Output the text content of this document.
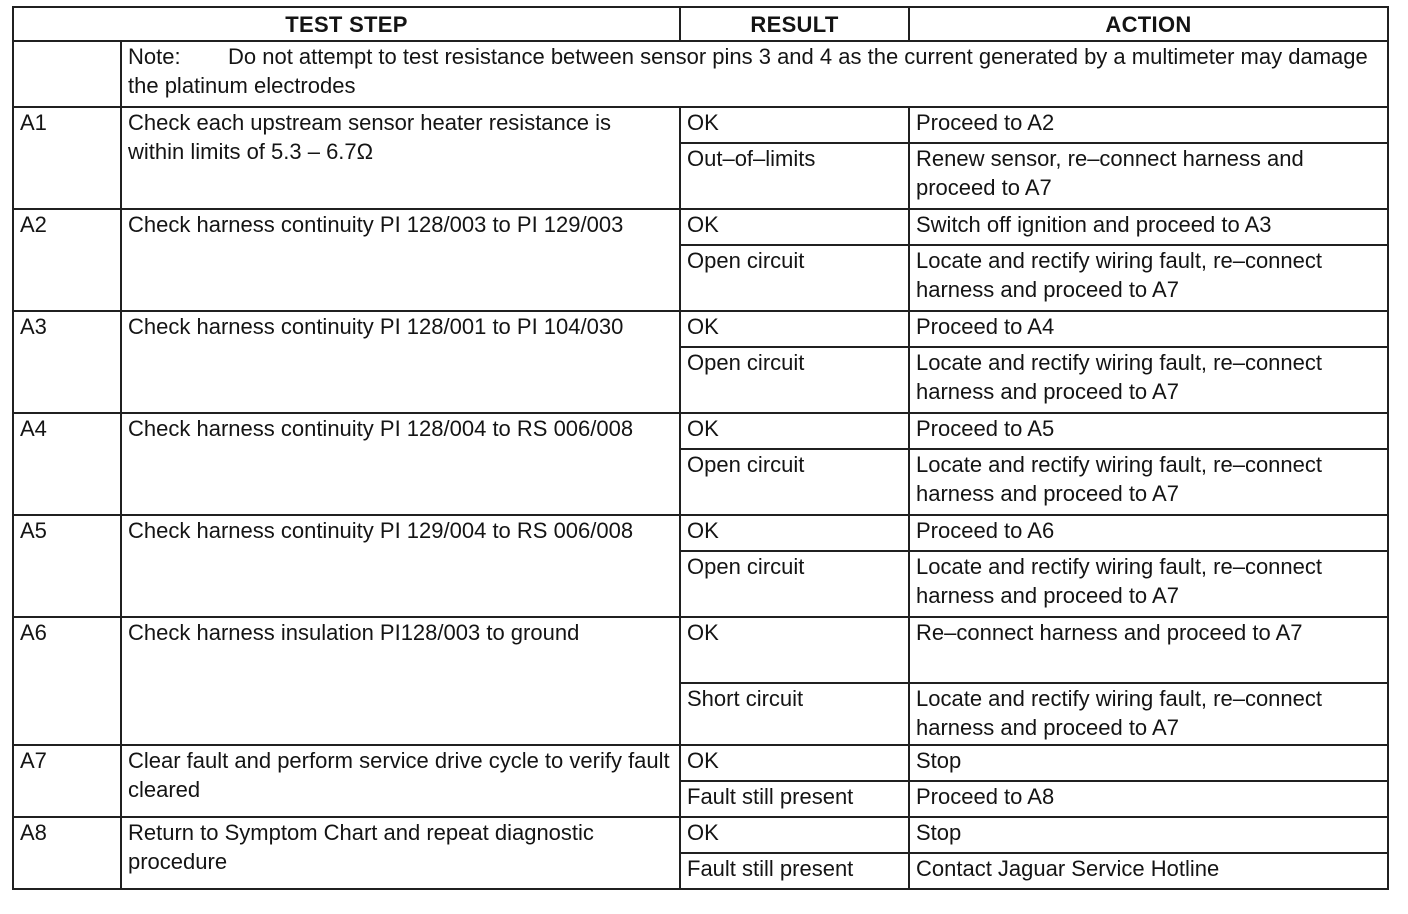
TEST STEP		RESULT	ACTION
	Note: Do not attempt to test resistance between sensor pins 3 and 4 as the current generated by a multimeter may damage the platinum electrodes		
A1	Check each upstream sensor heater resistance is within limits of 5.3 – 6.7Ω	OK	Proceed to A2
		Out–of–limits	Renew sensor, re–connect harness and proceed to A7
A2	Check harness continuity PI 128/003 to PI 129/003	OK	Switch off ignition and proceed to A3
		Open circuit	Locate and rectify wiring fault, re–connect harness and proceed to A7
A3	Check harness continuity PI 128/001 to PI 104/030	OK	Proceed to A4
		Open circuit	Locate and rectify wiring fault, re–connect harness and proceed to A7
A4	Check harness continuity PI 128/004 to RS 006/008	OK	Proceed to A5
		Open circuit	Locate and rectify wiring fault, re–connect harness and proceed to A7
A5	Check harness continuity PI 129/004 to RS 006/008	OK	Proceed to A6
		Open circuit	Locate and rectify wiring fault, re–connect harness and proceed to A7
A6	Check harness insulation PI128/003 to ground	OK	Re–connect harness and proceed to A7
		Short circuit	Locate and rectify wiring fault, re–connect harness and proceed to A7
A7	Clear fault and perform service drive cycle to verify fault cleared	OK	Stop
		Fault still present	Proceed to A8
A8	Return to Symptom Chart and repeat diagnostic procedure	OK	Stop
		Fault still present	Contact Jaguar Service Hotline
